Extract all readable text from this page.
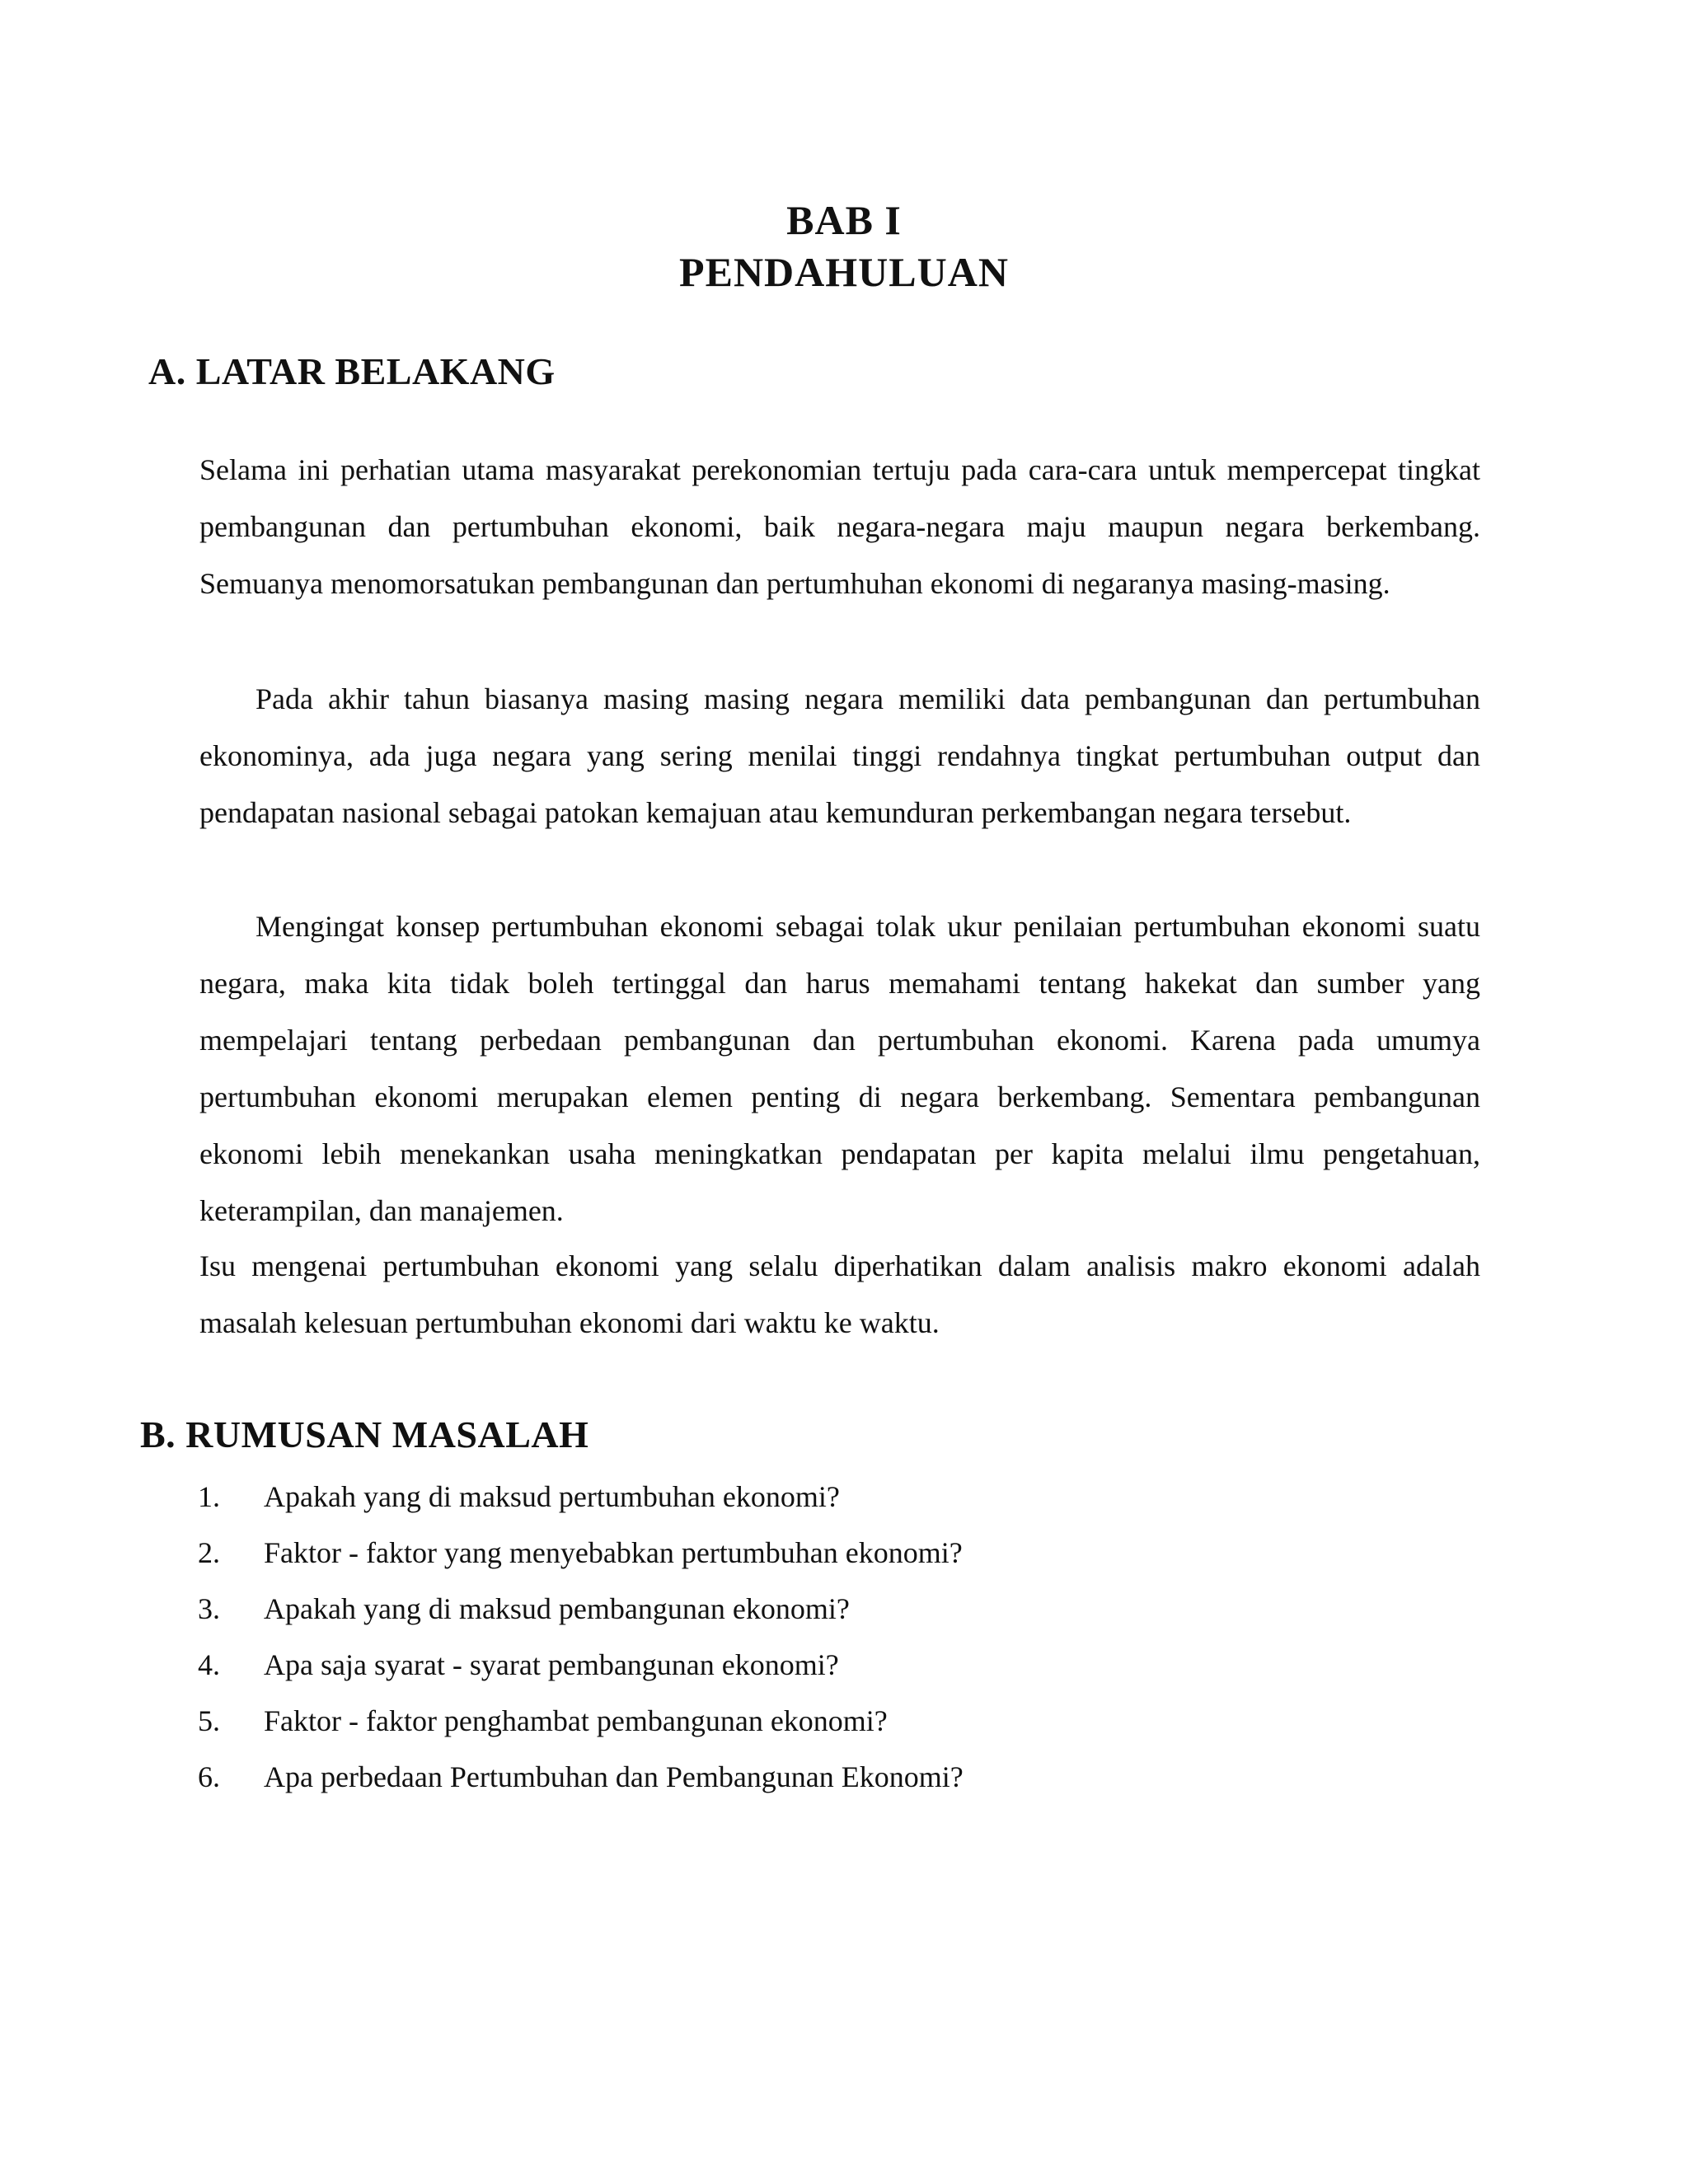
BAB I
PENDAHULUAN
A. LATAR BELAKANG

Selama ini perhatian utama masyarakat perekonomian tertuju pada cara-cara untuk mempercepat tingkat pembangunan dan pertumbuhan ekonomi, baik negara-negara maju maupun negara berkembang. Semuanya menomorsatukan pembangunan dan pertumhuhan ekonomi di negaranya masing-masing.

Pada akhir tahun biasanya masing masing negara memiliki data pembangunan dan pertumbuhan ekonominya, ada juga negara yang sering menilai tinggi rendahnya tingkat pertumbuhan output dan pendapatan nasional sebagai patokan kemajuan atau kemunduran perkembangan negara tersebut.

Mengingat konsep pertumbuhan ekonomi sebagai tolak ukur penilaian pertumbuhan ekonomi suatu negara, maka kita tidak boleh tertinggal dan harus memahami tentang hakekat dan sumber yang mempelajari tentang perbedaan pembangunan dan pertumbuhan ekonomi. Karena pada umumya pertumbuhan ekonomi merupakan elemen penting di negara berkembang. Sementara pembangunan ekonomi lebih menekankan usaha meningkatkan pendapatan per kapita melalui ilmu pengetahuan, keterampilan, dan manajemen.

Isu mengenai pertumbuhan ekonomi yang selalu diperhatikan dalam analisis makro ekonomi adalah masalah kelesuan pertumbuhan ekonomi dari waktu ke waktu.

B. RUMUSAN MASALAH
1. Apakah yang di maksud pertumbuhan ekonomi?
2. Faktor - faktor yang menyebabkan pertumbuhan ekonomi?
3. Apakah yang di maksud pembangunan ekonomi?
4. Apa saja syarat - syarat pembangunan ekonomi?
5. Faktor - faktor penghambat pembangunan ekonomi?
6. Apa perbedaan Pertumbuhan dan Pembangunan Ekonomi?
